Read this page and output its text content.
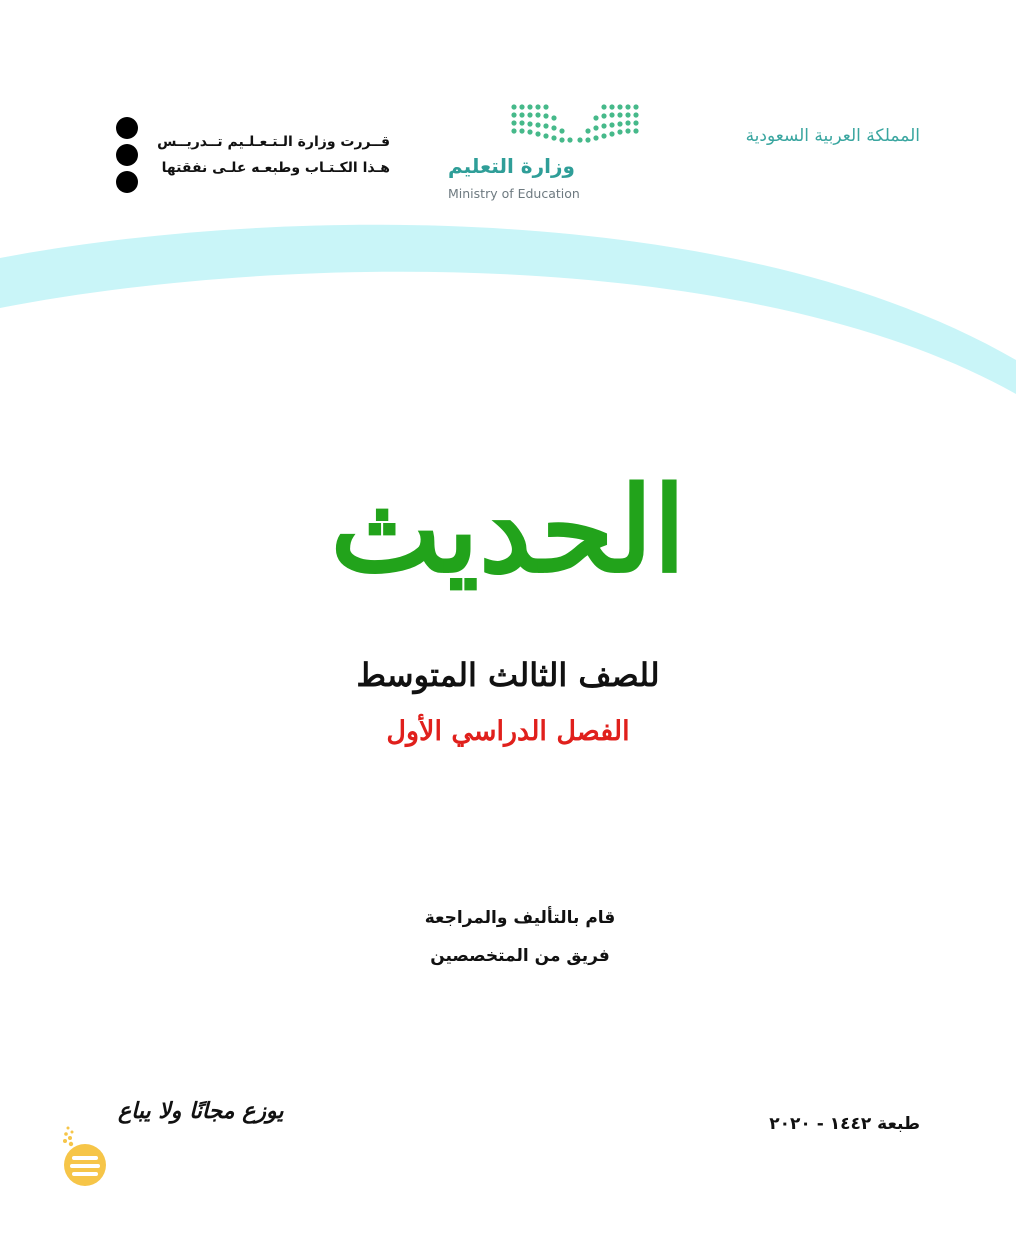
المملكة العربية السعودية
وزارة التعليم
Ministry of Education
قــررت وزارة الـتـعـلـيم تــدريــس
هـذا الكـتـاب وطبعـه علـى نفقتها
الحديث
للصف الثالث المتوسط
الفصل الدراسي الأول
قام بالتأليف والمراجعة
فريق من المتخصصين
طبعة ١٤٤٢ - ٢٠٢٠
يوزع مجانًا ولا يباع
